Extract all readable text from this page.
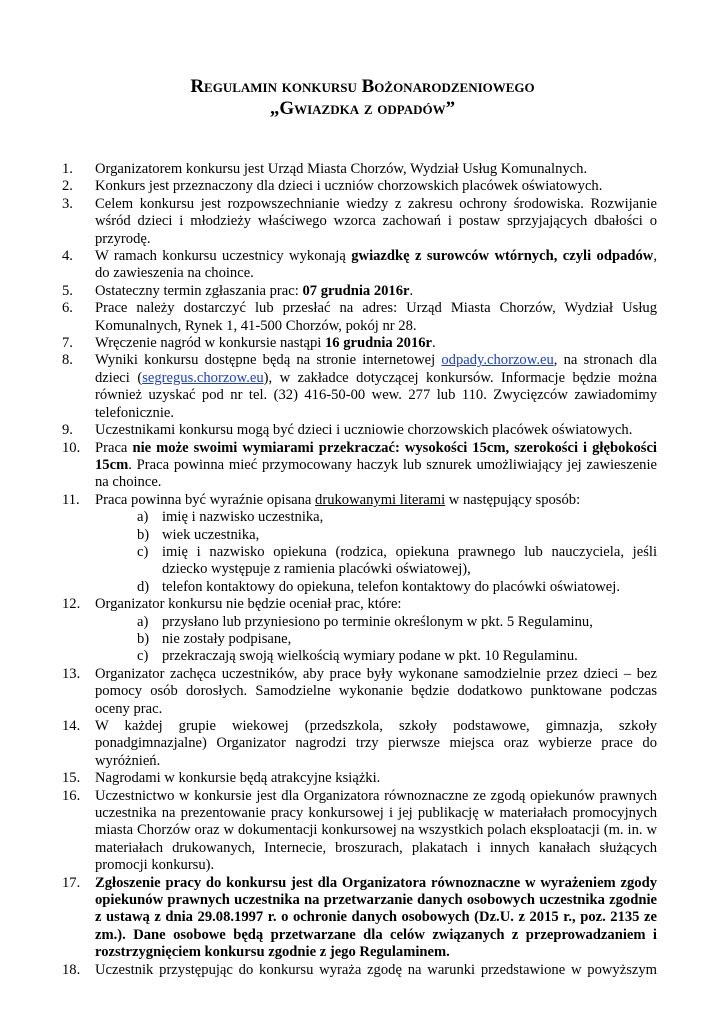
Regulamin konkursu Bożonarodzeniowego
„Gwiazdka z odpadów”
1.	Organizatorem konkursu jest Urząd Miasta Chorzów, Wydział Usług Komunalnych.
2.	Konkurs jest przeznaczony dla dzieci i uczniów chorzowskich placówek oświatowych.
3.	Celem konkursu jest rozpowszechnianie wiedzy z zakresu ochrony środowiska. Rozwijanie wśród dzieci i młodzieży właściwego wzorca zachowań i postaw sprzyjających dbałości o przyrodę.
4.	W ramach konkursu uczestnicy wykonają gwiazdkę z surowców wtórnych, czyli odpadów, do zawieszenia na choince.
5.	Ostateczny termin zgłaszania prac: 07 grudnia 2016r.
6.	Prace należy dostarczyć lub przesłać na adres: Urząd Miasta Chorzów, Wydział Usług Komunalnych, Rynek 1, 41-500 Chorzów, pokój nr 28.
7.	Wręczenie nagród w konkursie nastąpi 16 grudnia 2016r.
8.	Wyniki konkursu dostępne będą na stronie internetowej odpady.chorzow.eu, na stronach dla dzieci (segregus.chorzow.eu), w zakładce dotyczącej konkursów. Informacje będzie można również uzyskać pod nr tel. (32) 416-50-00 wew. 277 lub 110. Zwycięzców zawiadomimy telefonicznie.
9.	Uczestnikami konkursu mogą być dzieci i uczniowie chorzowskich placówek oświatowych.
10.	Praca nie może swoimi wymiarami przekraczać: wysokości 15cm, szerokości i głębokości 15cm. Praca powinna mieć przymocowany haczyk lub sznurek umożliwiający jej zawieszenie na choince.
11.	Praca powinna być wyraźnie opisana drukowanymi literami w następujący sposób:
a) imię i nazwisko uczestnika,
b) wiek uczestnika,
c) imię i nazwisko opiekuna (rodzica, opiekuna prawnego lub nauczyciela, jeśli dziecko występuje z ramienia placówki oświatowej),
d) telefon kontaktowy do opiekuna, telefon kontaktowy do placówki oświatowej.
12.	Organizator konkursu nie będzie oceniał prac, które:
a) przysłano lub przyniesiono po terminie określonym w pkt. 5 Regulaminu,
b) nie zostały podpisane,
c) przekraczają swoją wielkością wymiary podane w pkt. 10 Regulaminu.
13.	Organizator zachęca uczestników, aby prace były wykonane samodzielnie przez dzieci – bez pomocy osób dorosłych. Samodzielne wykonanie będzie dodatkowo punktowane podczas oceny prac.
14.	W każdej grupie wiekowej (przedszkola, szkoły podstawowe, gimnazja, szkoły ponadgimnazjalne) Organizator nagrodzi trzy pierwsze miejsca oraz wybierze prace do wyróżnień.
15.	Nagrodami w konkursie będą atrakcyjne książki.
16.	Uczestnictwo w konkursie jest dla Organizatora równoznaczne ze zgodą opiekunów prawnych uczestnika na prezentowanie pracy konkursowej i jej publikację w materiałach promocyjnych miasta Chorzów oraz w dokumentacji konkursowej na wszystkich polach eksploatacji (m. in. w materiałach drukowanych, Internecie, broszurach, plakatach i innych kanałach służących promocji konkursu).
17.	Zgłoszenie pracy do konkursu jest dla Organizatora równoznaczne w wyrażeniem zgody opiekunów prawnych uczestnika na przetwarzanie danych osobowych uczestnika zgodnie z ustawą z dnia 29.08.1997 r. o ochronie danych osobowych (Dz.U. z 2015 r., poz. 2135 ze zm.). Dane osobowe będą przetwarzane dla celów związanych z przeprowadzaniem i rozstrzygnięciem konkursu zgodnie z jego Regulaminem.
18.	Uczestnik przystępując do konkursu wyraża zgodę na warunki przedstawione w powyższym
